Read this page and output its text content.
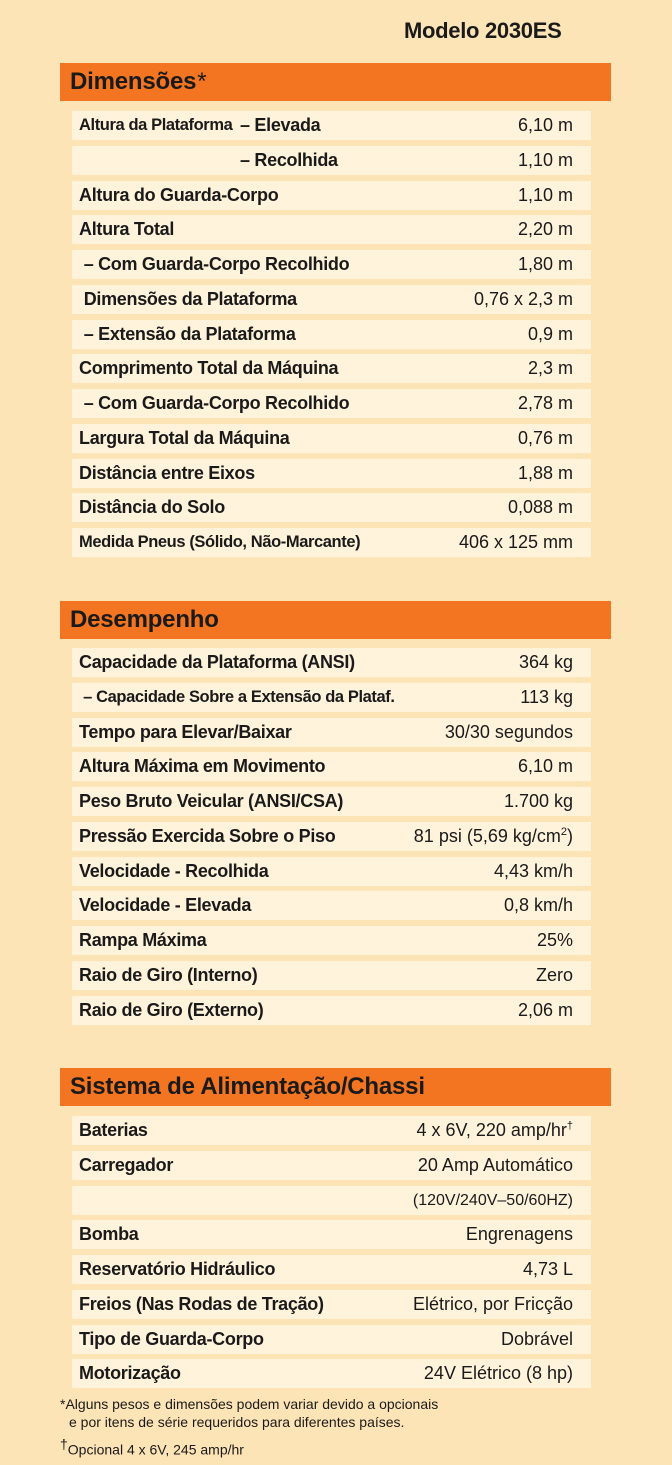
Modelo 2030ES
Dimensões*
Altura da Plataforma – Elevada	6,10 m
– Recolhida	1,10 m
Altura do Guarda-Corpo	1,10 m
Altura Total	2,20 m
– Com Guarda-Corpo Recolhido	1,80 m
Dimensões da Plataforma	0,76 x 2,3 m
– Extensão da Plataforma	0,9 m
Comprimento Total da Máquina	2,3 m
– Com Guarda-Corpo Recolhido	2,78 m
Largura Total da Máquina	0,76 m
Distância entre Eixos	1,88 m
Distância do Solo	0,088 m
Medida Pneus (Sólido, Não-Marcante)	406 x 125 mm
Desempenho
Capacidade da Plataforma (ANSI)	364 kg
– Capacidade Sobre a Extensão da Plataf.	113 kg
Tempo para Elevar/Baixar	30/30 segundos
Altura Máxima em Movimento	6,10 m
Peso Bruto Veicular (ANSI/CSA)	1.700 kg
Pressão Exercida Sobre o Piso	81 psi (5,69 $kg/cm^2$)
Velocidade - Recolhida	4,43 km/h
Velocidade - Elevada	0,8 km/h
Rampa Máxima	25%
Raio de Giro (Interno)	Zero
Raio de Giro (Externo)	2,06 m
Sistema de Alimentação/Chassi
Baterias	4 x 6V, 220 amp/hr†
Carregador	20 Amp Automático
(120V/240V–50/60HZ)
Bomba	Engrenagens
Reservatório Hidráulico	4,73 L
Freios (Nas Rodas de Tração)	Elétrico, por Fricção
Tipo de Guarda-Corpo	Dobrável
Motorização	24V Elétrico (8 hp)
*Alguns pesos e dimensões podem variar devido a opcionais
e por itens de série requeridos para diferentes países.
†Opcional 4 x 6V, 245 amp/hr
